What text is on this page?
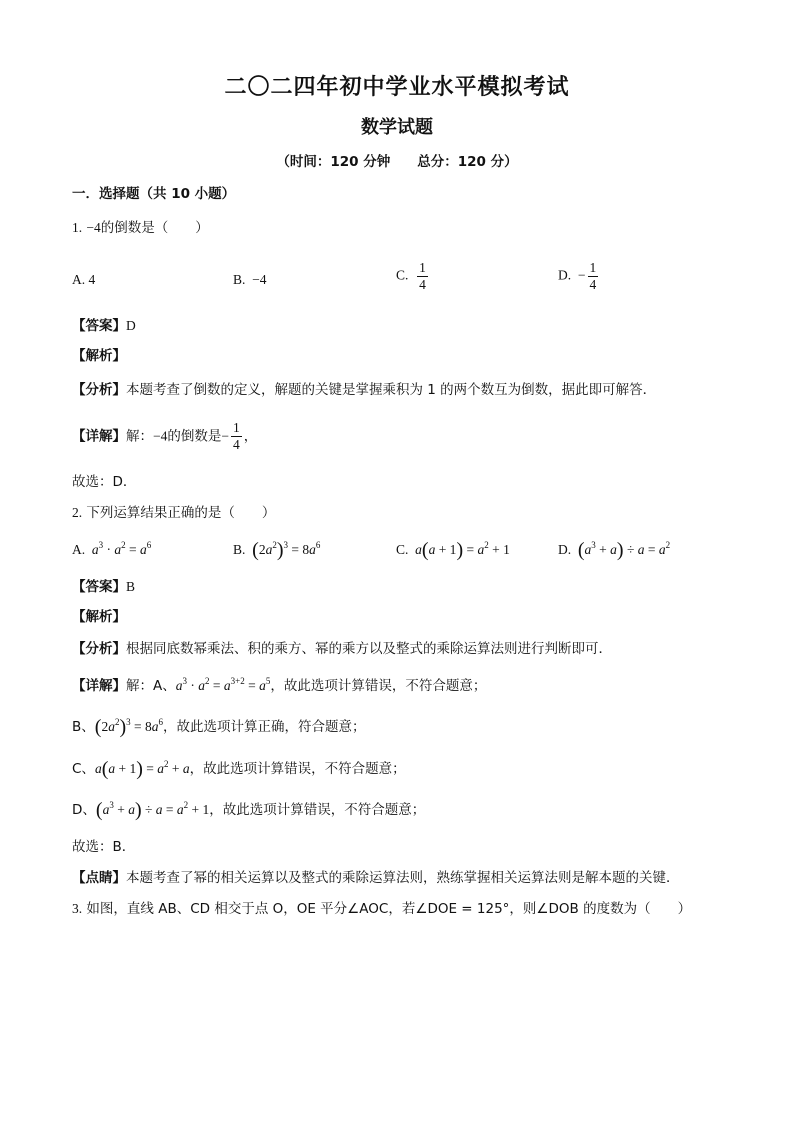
二〇二四年初中学业水平模拟考试
数学试题
（时间：120 分钟　　总分：120 分）
一．选择题（共 10 小题）
1. −4的倒数是（　　）
A. 4	B.  −4	C. $\frac{1}{4}$	D.  − $\frac{1}{4}$
【答案】D
【解析】
【分析】本题考查了倒数的定义，解题的关键是掌握乘积为 1 的两个数互为倒数，据此即可解答．
【详解】解：−4的倒数是− $\frac{1}{4}$ ，
故选：D．
2. 下列运算结果正确的是（　　）
A.  $a^3 \cdot a^2 = a^6$	B.  $(2a^2)^3 = 8a^6$	C.  $a(a + 1) = a^2 + 1$	D.  $(a^3 + a) \div a = a^2$
【答案】B
【解析】
【分析】根据同底数幂乘法、积的乘方、幂的乘方以及整式的乘除运算法则进行判断即可．
【详解】解：A、$a^3 \cdot a^2 = a^{3+2} = a^5$，故此选项计算错误，不符合题意；
B、$(2a^2)^3 = 8a^6$，故此选项计算正确，符合题意；
C、$a(a + 1) = a^2 + a$，故此选项计算错误，不符合题意；
D、$(a^3 + a) \div a = a^2 + 1$，故此选项计算错误，不符合题意；
故选：B．
【点睛】本题考查了幂的相关运算以及整式的乘除运算法则，熟练掌握相关运算法则是解本题的关键．
3. 如图，直线 AB、CD 相交于点 O，OE 平分∠AOC，若∠DOE = 125°，则∠DOB 的度数为（　　）
